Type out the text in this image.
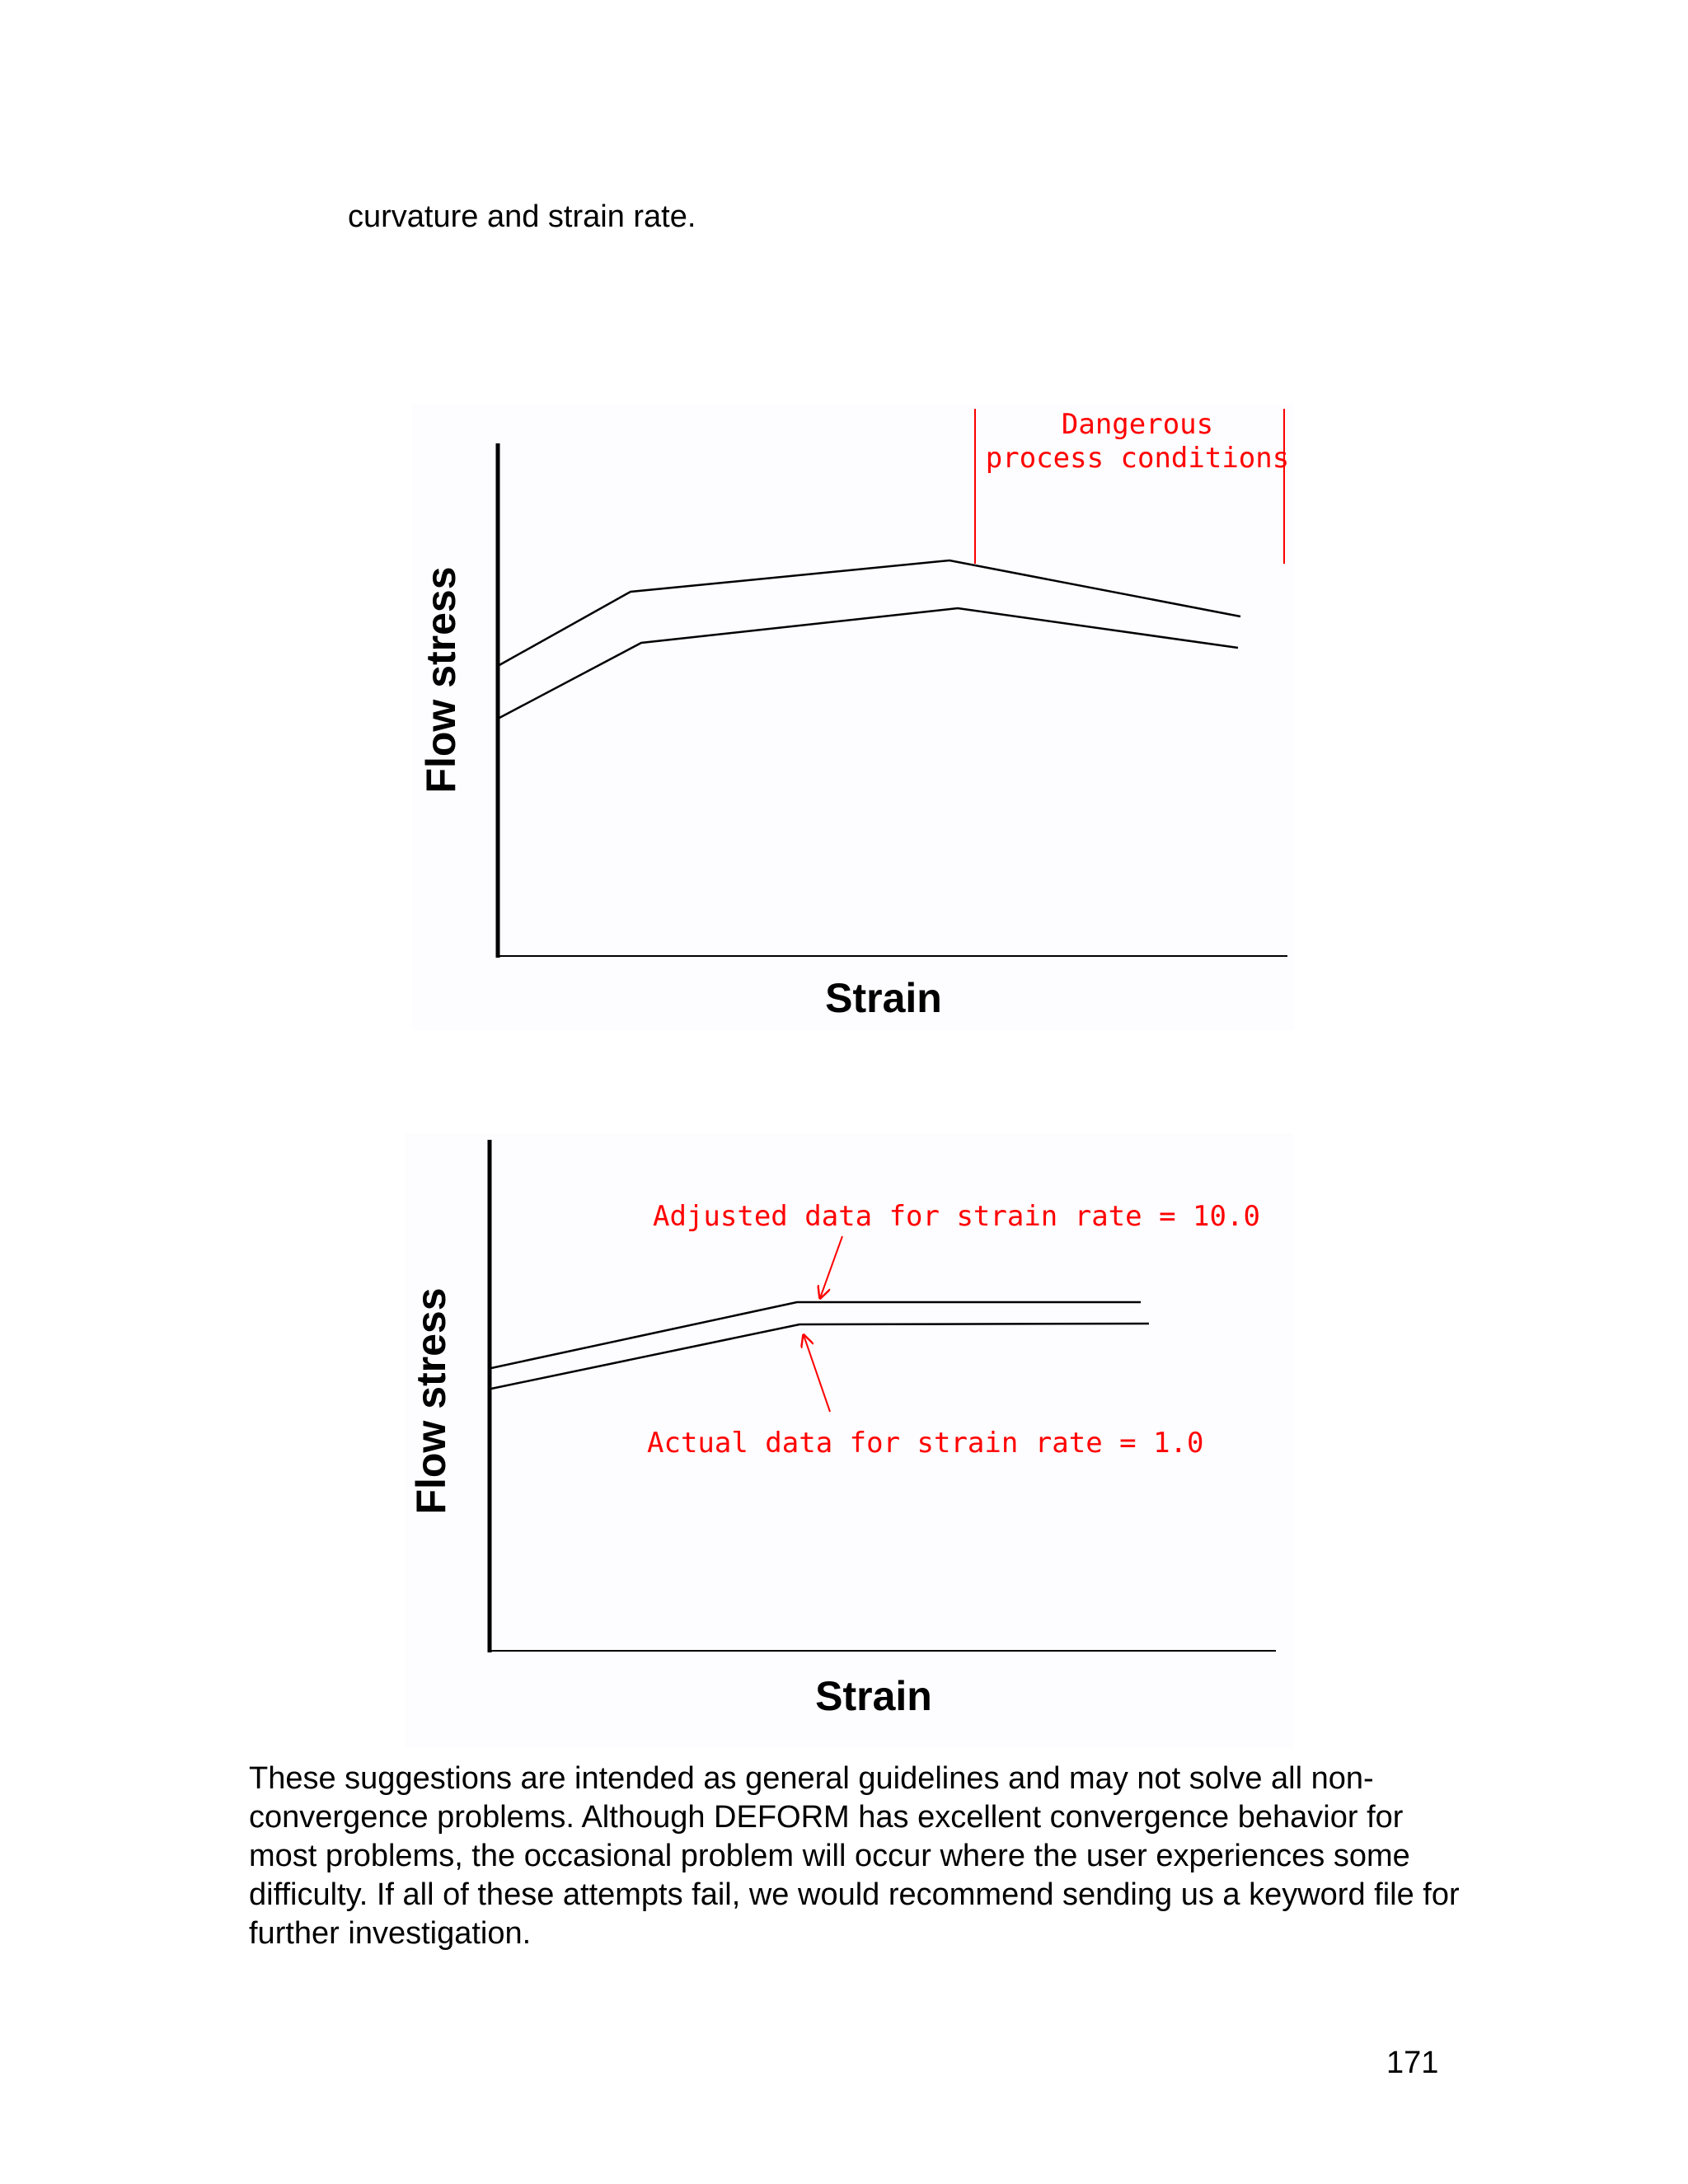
curvature and strain rate.

Flow stress
Strain
Dangerous
process conditions
Flow stress
Strain
Adjusted data for strain rate = 10.0
Actual data for strain rate = 1.0

These suggestions are intended as general guidelines and may not solve all non-convergence problems. Although DEFORM has excellent convergence behavior for most problems, the occasional problem will occur where the user experiences some difficulty. If all of these attempts fail, we would recommend sending us a keyword file for further investigation.

171
